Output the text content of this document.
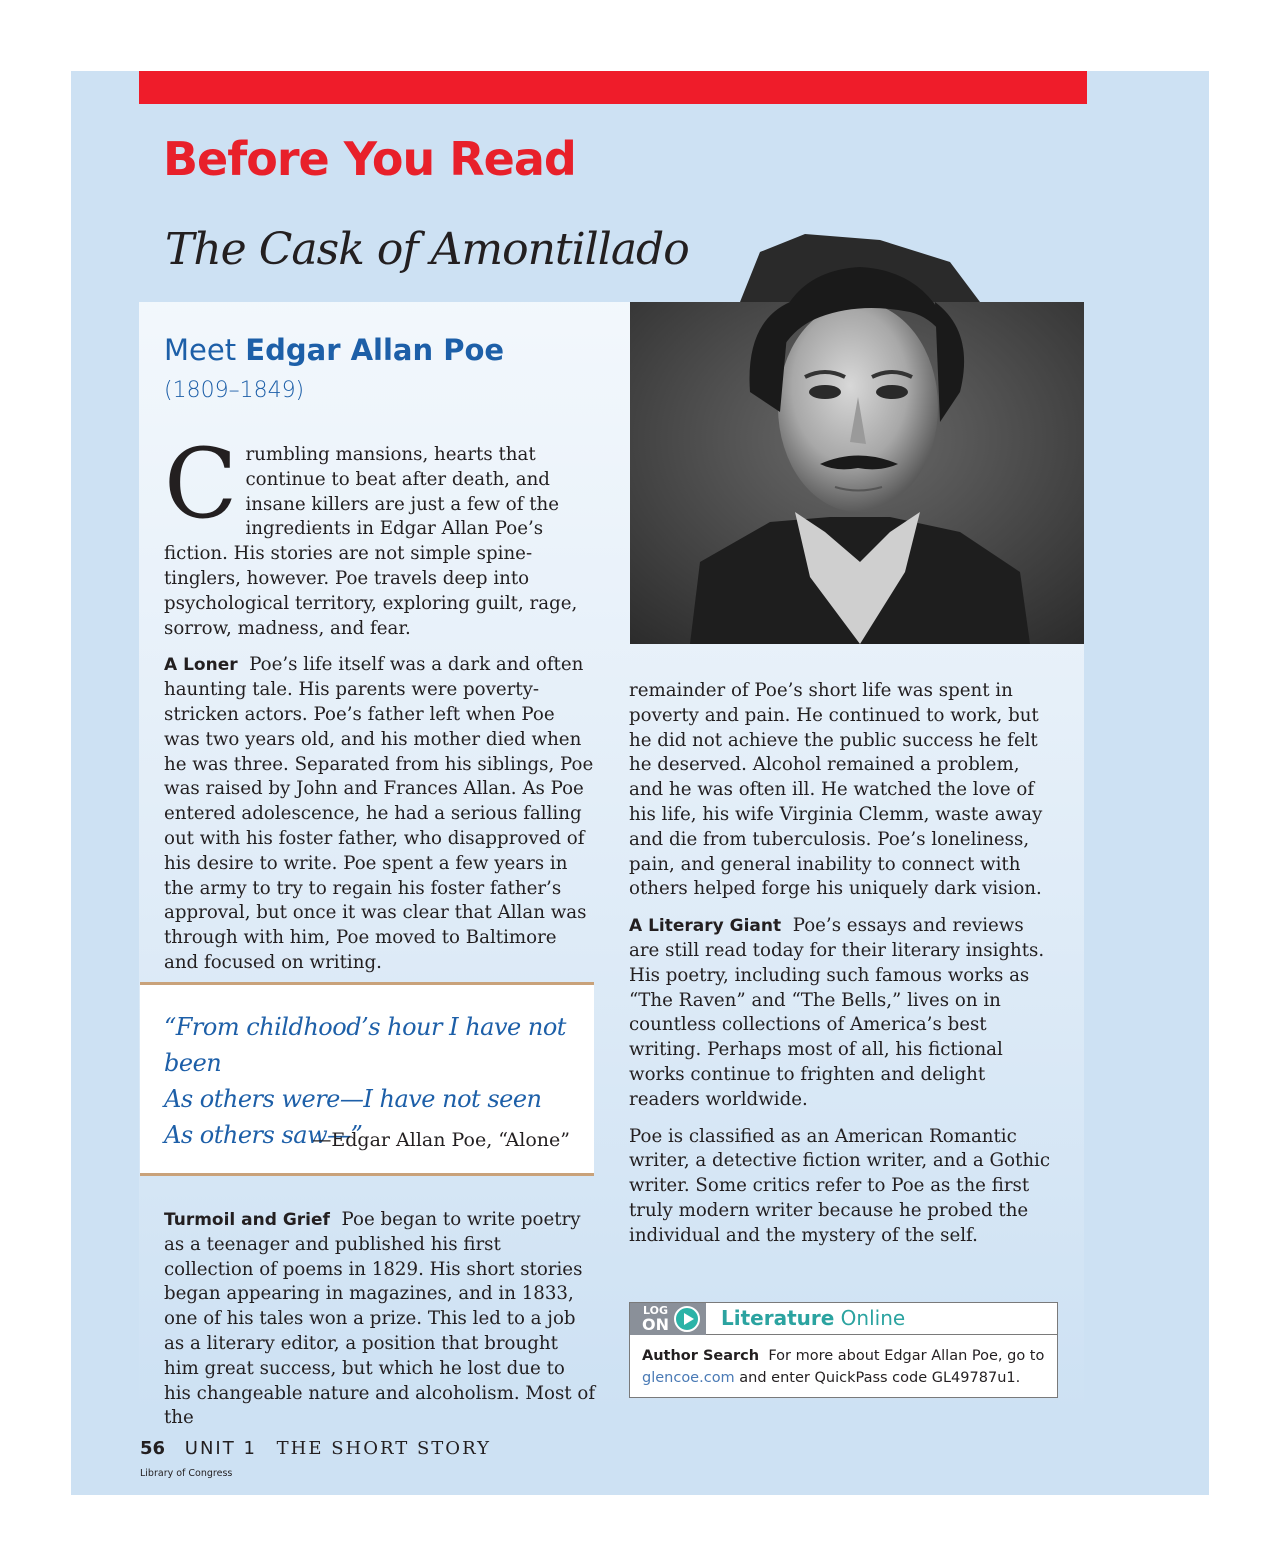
Before You Read
The Cask of Amontillado
Meet Edgar Allan Poe
(1809–1849)

Crumbling mansions, hearts that continue to beat after death, and insane killers are just a few of the ingredients in Edgar Allan Poe’s fiction. His stories are not simple spine-tinglers, however. Poe travels deep into psychological territory, exploring guilt, rage, sorrow, madness, and fear.

A Loner Poe’s life itself was a dark and often haunting tale. His parents were poverty-stricken actors. Poe’s father left when Poe was two years old, and his mother died when he was three. Separated from his siblings, Poe was raised by John and Frances Allan. As Poe entered adolescence, he had a serious falling out with his foster father, who disapproved of his desire to write. Poe spent a few years in the army to try to regain his foster father’s approval, but once it was clear that Allan was through with him, Poe moved to Baltimore and focused on writing.

“From childhood’s hour I have not been
As others were—I have not seen
As others saw—”
—Edgar Allan Poe, “Alone”

Turmoil and Grief Poe began to write poetry as a teenager and published his first collection of poems in 1829. His short stories began appearing in magazines, and in 1833, one of his tales won a prize. This led to a job as a literary editor, a position that brought him great success, but which he lost due to his changeable nature and alcoholism. Most of the

remainder of Poe’s short life was spent in poverty and pain. He continued to work, but he did not achieve the public success he felt he deserved. Alcohol remained a problem, and he was often ill. He watched the love of his life, his wife Virginia Clemm, waste away and die from tuberculosis. Poe’s loneliness, pain, and general inability to connect with others helped forge his uniquely dark vision.

A Literary Giant Poe’s essays and reviews are still read today for their literary insights. His poetry, including such famous works as “The Raven” and “The Bells,” lives on in countless collections of America’s best writing. Perhaps most of all, his fictional works continue to frighten and delight readers worldwide.

Poe is classified as an American Romantic writer, a detective fiction writer, and a Gothic writer. Some critics refer to Poe as the first truly modern writer because he probed the individual and the mystery of the self.

LOG
ON	Literature Online
Author Search For more about Edgar Allan Poe, go to glencoe.com and enter QuickPass code GL49787u1.
56 UNIT 1 THE SHORT STORY
Library of Congress
